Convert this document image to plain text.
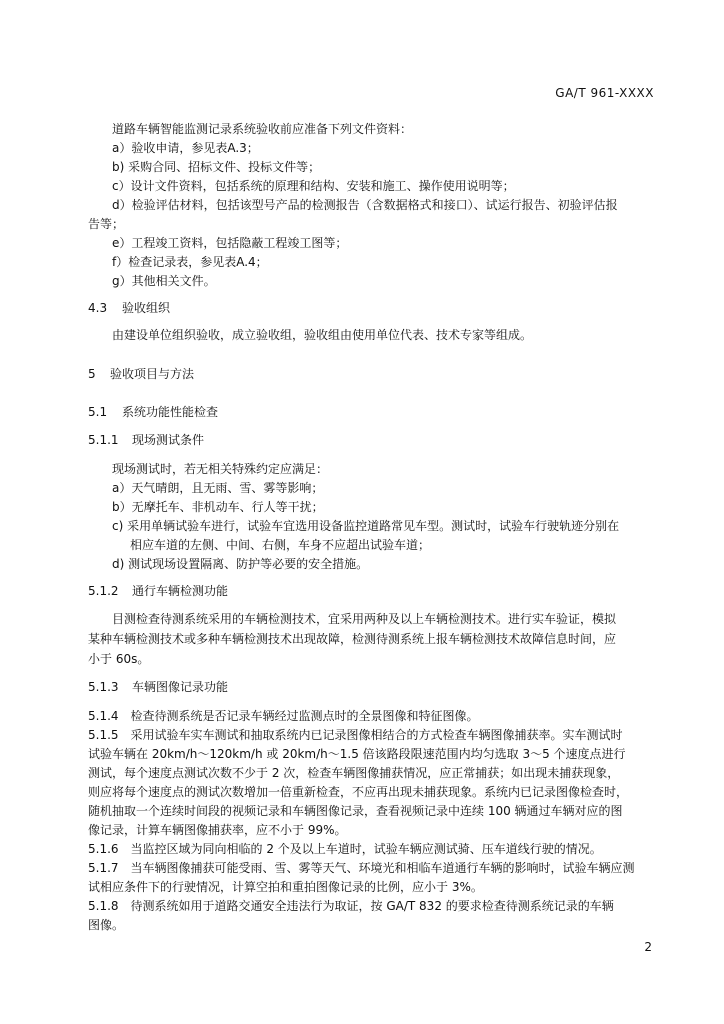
GA/T 961-XXXX
道路车辆智能监测记录系统验收前应准备下列文件资料：
a）验收申请，参见表A.3；
b) 采购合同、招标文件、投标文件等；
c）设计文件资料，包括系统的原理和结构、安装和施工、操作使用说明等；
d）检验评估材料，包括该型号产品的检测报告（含数据格式和接口）、试运行报告、初验评估报
告等；
e）工程竣工资料，包括隐蔽工程竣工图等；
f）检查记录表，参见表A.4；
g）其他相关文件。
4.3 验收组织
由建设单位组织验收，成立验收组，验收组由使用单位代表、技术专家等组成。
5 验收项目与方法
5.1 系统功能性能检查
5.1.1 现场测试条件
现场测试时，若无相关特殊约定应满足：
a）天气晴朗，且无雨、雪、雾等影响；
b）无摩托车、非机动车、行人等干扰；
c) 采用单辆试验车进行，试验车宜选用设备监控道路常见车型。测试时，试验车行驶轨迹分别在
相应车道的左侧、中间、右侧，车身不应超出试验车道；
d) 测试现场设置隔离、防护等必要的安全措施。
5.1.2 通行车辆检测功能
目测检查待测系统采用的车辆检测技术，宜采用两种及以上车辆检测技术。进行实车验证，模拟
某种车辆检测技术或多种车辆检测技术出现故障，检测待测系统上报车辆检测技术故障信息时间，应
小于 60s。
5.1.3 车辆图像记录功能
5.1.4　检查待测系统是否记录车辆经过监测点时的全景图像和特征图像。
5.1.5　采用试验车实车测试和抽取系统内已记录图像相结合的方式检查车辆图像捕获率。实车测试时
试验车辆在 20km/h～120km/h 或 20km/h～1.5 倍该路段限速范围内均匀选取 3～5 个速度点进行
测试，每个速度点测试次数不少于 2 次，检查车辆图像捕获情况，应正常捕获；如出现未捕获现象，
则应将每个速度点的测试次数增加一倍重新检查，不应再出现未捕获现象。系统内已记录图像检查时，
随机抽取一个连续时间段的视频记录和车辆图像记录，查看视频记录中连续 100 辆通过车辆对应的图
像记录，计算车辆图像捕获率，应不小于 99%。
5.1.6　当监控区域为同向相临的 2 个及以上车道时，试验车辆应测试骑、压车道线行驶的情况。
5.1.7　当车辆图像捕获可能受雨、雪、雾等天气、环境光和相临车道通行车辆的影响时，试验车辆应测
试相应条件下的行驶情况，计算空拍和重拍图像记录的比例，应小于 3%。
5.1.8　待测系统如用于道路交通安全违法行为取证，按 GA/T 832 的要求检查待测系统记录的车辆
图像。
2
